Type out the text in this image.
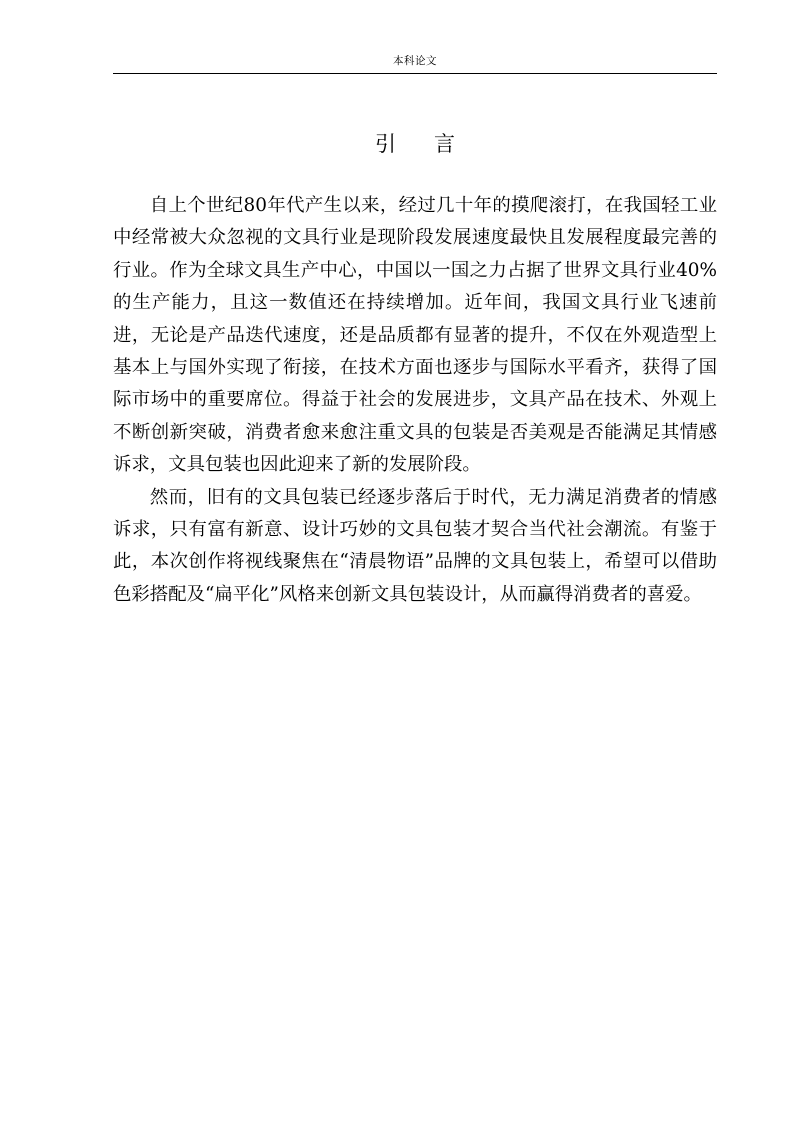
本科论文
引言

自上个世纪80年代产生以来，经过几十年的摸爬滚打，在我国轻工业中经常被大众忽视的文具行业是现阶段发展速度最快且发展程度最完善的行业。作为全球文具生产中心，中国以一国之力占据了世界文具行业40%的生产能力，且这一数值还在持续增加。近年间，我国文具行业飞速前进，无论是产品迭代速度，还是品质都有显著的提升，不仅在外观造型上基本上与国外实现了衔接，在技术方面也逐步与国际水平看齐，获得了国际市场中的重要席位。得益于社会的发展进步，文具产品在技术、外观上不断创新突破，消费者愈来愈注重文具的包装是否美观是否能满足其情感诉求，文具包装也因此迎来了新的发展阶段。

然而，旧有的文具包装已经逐步落后于时代，无力满足消费者的情感诉求，只有富有新意、设计巧妙的文具包装才契合当代社会潮流。有鉴于此，本次创作将视线聚焦在“清晨物语”品牌的文具包装上，希望可以借助色彩搭配及“扁平化”风格来创新文具包装设计，从而赢得消费者的喜爱。
